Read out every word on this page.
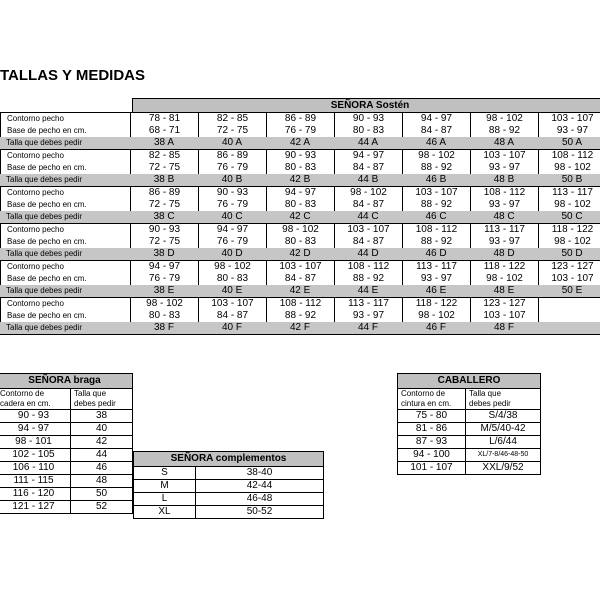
TALLAS Y MEDIDAS
SEÑORA Sostén
Contorno pecho	78 - 81	82 - 85	86 - 89	90 - 93	94 - 97	98 - 102	103 - 107
Base de pecho en cm.	68 - 71	72 - 75	76 - 79	80 - 83	84 - 87	88 - 92	93 - 97
Talla que debes pedir	38 A	40 A	42 A	44 A	46 A	48 A	50 A
Contorno pecho	82 - 85	86 - 89	90 - 93	94 - 97	98 - 102	103 - 107	108 - 112
Base de pecho en cm.	72 - 75	76 - 79	80 - 83	84 - 87	88 - 92	93 - 97	98 - 102
Talla que debes pedir	38 B	40 B	42 B	44 B	46 B	48 B	50 B
Contorno pecho	86 - 89	90 - 93	94 - 97	98 - 102	103 - 107	108 - 112	113 - 117
Base de pecho en cm.	72 - 75	76 - 79	80 - 83	84 - 87	88 - 92	93 - 97	98 - 102
Talla que debes pedir	38 C	40 C	42 C	44 C	46 C	48 C	50 C
Contorno pecho	90 - 93	94 - 97	98 - 102	103 - 107	108 - 112	113 - 117	118 - 122
Base de pecho en cm.	72 - 75	76 - 79	80 - 83	84 - 87	88 - 92	93 - 97	98 - 102
Talla que debes pedir	38 D	40 D	42 D	44 D	46 D	48 D	50 D
Contorno pecho	94 - 97	98 - 102	103 - 107	108 - 112	113 - 117	118 - 122	123 - 127
Base de pecho en cm.	76 - 79	80 - 83	84 - 87	88 - 92	93 - 97	98 - 102	103 - 107
Talla que debes pedir	38 E	40 E	42 E	44 E	46 E	48 E	50 E
Contorno pecho	98 - 102	103 - 107	108 - 112	113 - 117	118 - 122	123 - 127
Base de pecho en cm.	80 - 83	84 - 87	88 - 92	93 - 97	98 - 102	103 - 107
Talla que debes pedir	38 F	40 F	42 F	44 F	46 F	48 F
SEÑORA braga	
Contorno de
cadera en cm.	Talla que
debes pedir
90 - 93	38
94 - 97	40
98 - 101	42
102 - 105	44
106 - 110	46
111 - 115	48
116 - 120	50
121 - 127	52
SEÑORA complementos	
S	38-40
M	42-44
L	46-48
XL	50-52
CABALLERO	
Contorno de
cintura en cm.	Talla que
debes pedir
75 - 80	S/4/38
81 - 86	M/5/40-42
87 - 93	L/6/44
94 - 100	XL/7-8/46-48-50
101 - 107	XXL/9/52
